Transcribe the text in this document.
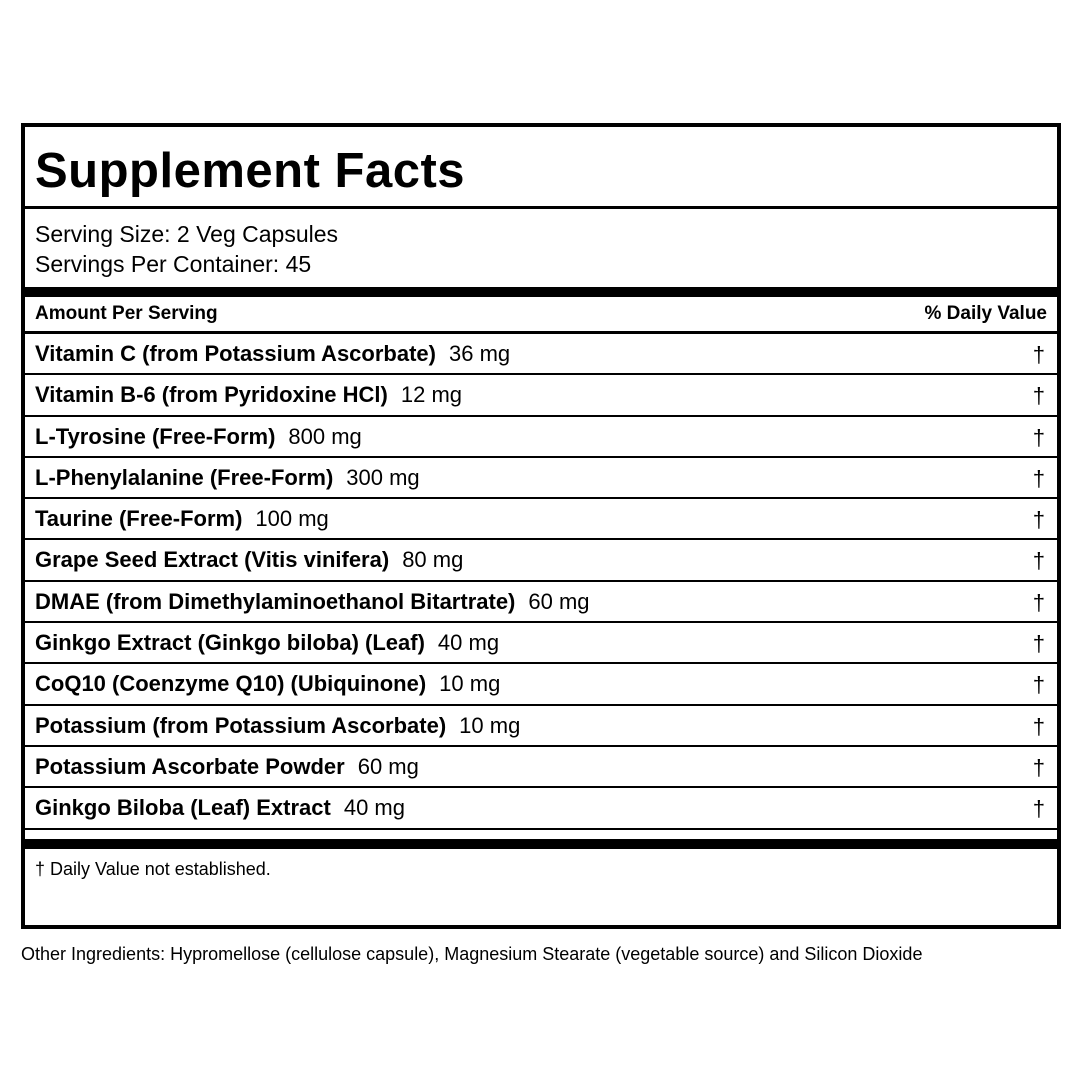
Supplement Facts
Serving Size: 2 Veg Capsules
Servings Per Container: 45
Amount Per Serving	% Daily Value
Vitamin C (from Potassium Ascorbate) 36 mg	†
Vitamin B-6 (from Pyridoxine HCl) 12 mg	†
L-Tyrosine (Free-Form) 800 mg	†
L-Phenylalanine (Free-Form) 300 mg	†
Taurine (Free-Form) 100 mg	†
Grape Seed Extract (Vitis vinifera) 80 mg	†
DMAE (from Dimethylaminoethanol Bitartrate) 60 mg	†
Ginkgo Extract (Ginkgo biloba) (Leaf) 40 mg	†
CoQ10 (Coenzyme Q10) (Ubiquinone) 10 mg	†
Potassium (from Potassium Ascorbate) 10 mg	†
Potassium Ascorbate Powder 60 mg	†
Ginkgo Biloba (Leaf) Extract 40 mg	†
† Daily Value not established.
Other Ingredients: Hypromellose (cellulose capsule), Magnesium Stearate (vegetable source) and Silicon Dioxide
